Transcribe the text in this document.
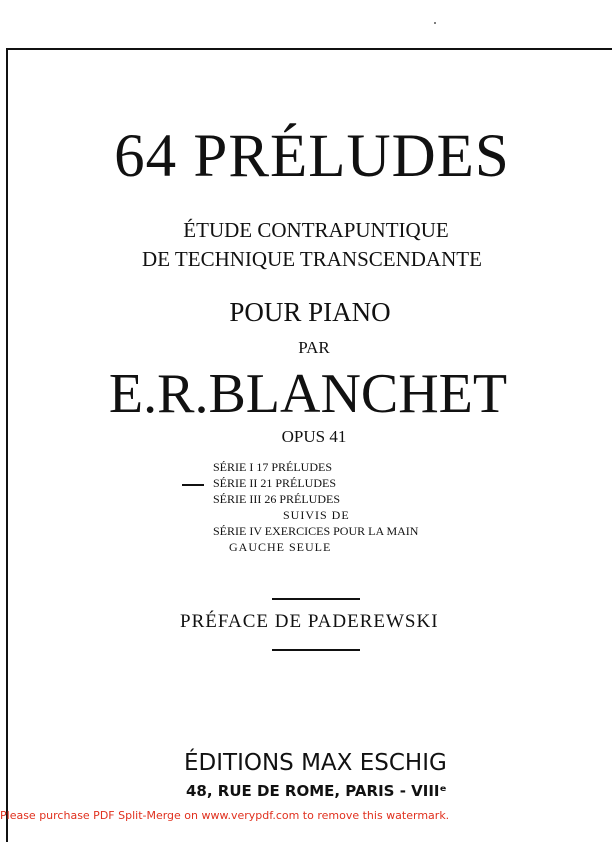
64 PRÉLUDES
ÉTUDE CONTRAPUNTIQUE
DE TECHNIQUE TRANSCENDANTE
POUR PIANO
PAR
E.R.BLANCHET
OPUS 41
SÉRIE I 17 PRÉLUDES
SÉRIE II 21 PRÉLUDES
SÉRIE III 26 PRÉLUDES
SUIVIS DE
SÉRIE IV EXERCICES POUR LA MAIN
GAUCHE SEULE
PRÉFACE DE PADEREWSKI
ÉDITIONS MAX ESCHIG
48, RUE DE ROME, PARIS - VIIIᵉ
Please purchase PDF Split-Merge on www.verypdf.com to remove this watermark.
